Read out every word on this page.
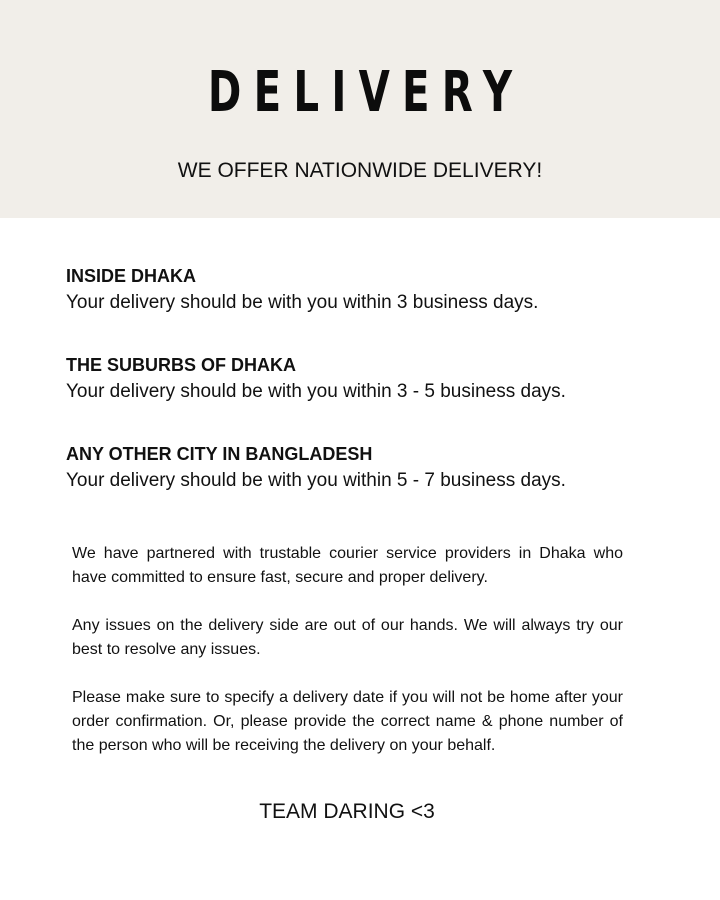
DELIVERY
WE OFFER NATIONWIDE DELIVERY!
INSIDE DHAKA
Your delivery should be with you within 3 business days.
THE SUBURBS OF DHAKA
Your delivery should be with you within 3 - 5 business days.
ANY OTHER CITY IN BANGLADESH
Your delivery should be with you within 5 - 7 business days.

We have partnered with trustable courier service providers in Dhaka who have committed to ensure fast, secure and proper delivery.

Any issues on the delivery side are out of our hands. We will always try our best to resolve any issues.

Please make sure to specify a delivery date if you will not be home after your order confirmation. Or, please provide the correct name & phone number of the person who will be receiving the delivery on your behalf.

TEAM DARING <3
